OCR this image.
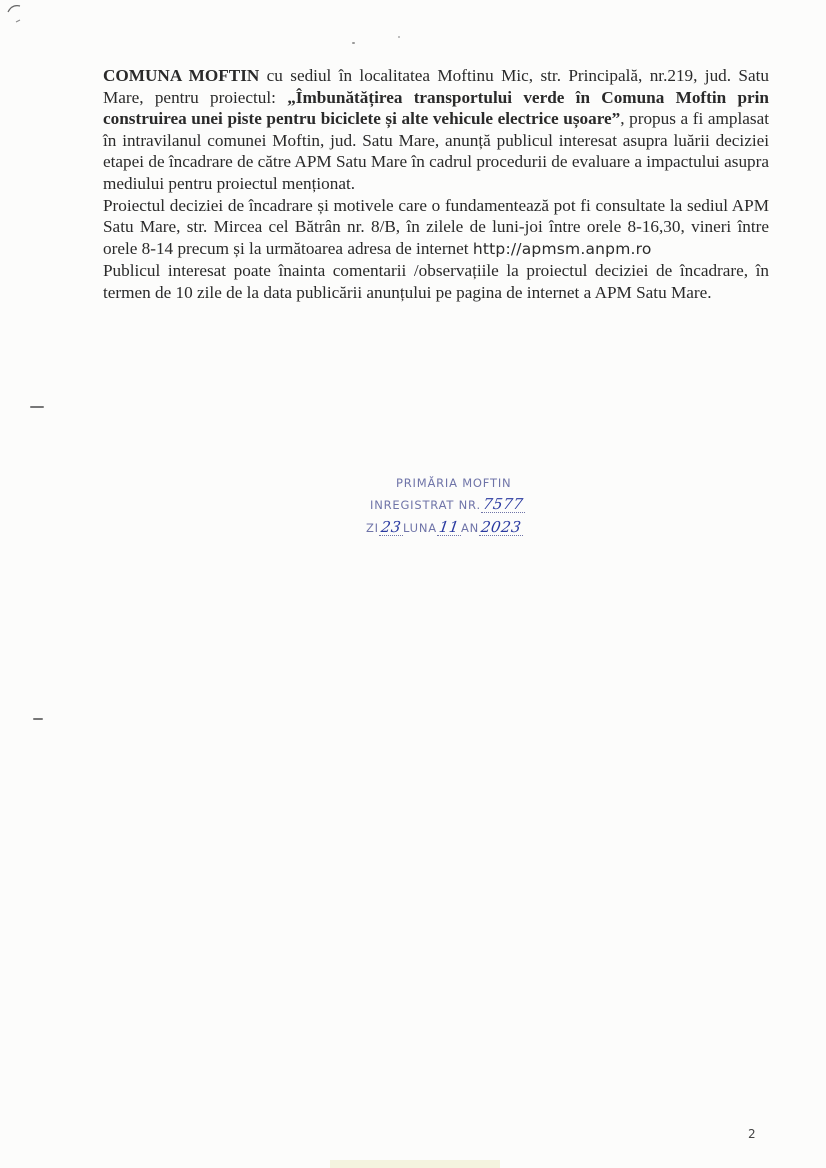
COMUNA MOFTIN cu sediul în localitatea Moftinu Mic, str. Principală, nr.219, jud. Satu Mare, pentru proiectul: „Îmbunătățirea transportului verde în Comuna Moftin prin construirea unei piste pentru biciclete și alte vehicule electrice ușoare”, propus a fi amplasat în intravilanul comunei Moftin, jud. Satu Mare, anunță publicul interesat asupra luării deciziei etapei de încadrare de către APM Satu Mare în cadrul procedurii de evaluare a impactului asupra mediului pentru proiectul menționat.

Proiectul deciziei de încadrare și motivele care o fundamentează pot fi consultate la sediul APM Satu Mare, str. Mircea cel Bătrân nr. 8/B, în zilele de luni-joi între orele 8-16,30, vineri între orele 8-14 precum și la următoarea adresa de internet http://apmsm.anpm.ro

Publicul interesat poate înainta comentarii /observațiile la proiectul deciziei de încadrare, în termen de 10 zile de la data publicării anunțului pe pagina de internet a APM Satu Mare.

PRIMĂRIA MOFTIN
INREGISTRAT NR.7577
ZI23LUNA11AN2023
2
